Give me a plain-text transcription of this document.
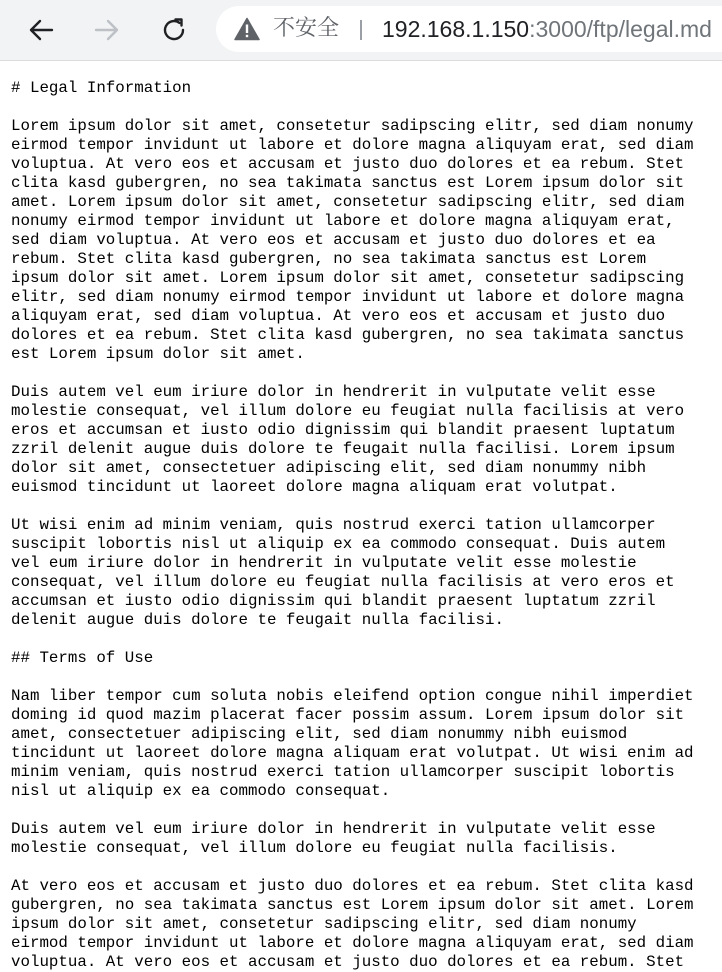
不安全 192.168.1.150:3000/ftp/legal.md
# Legal Information

Lorem ipsum dolor sit amet, consetetur sadipscing elitr, sed diam nonumy
eirmod tempor invidunt ut labore et dolore magna aliquyam erat, sed diam
voluptua. At vero eos et accusam et justo duo dolores et ea rebum. Stet
clita kasd gubergren, no sea takimata sanctus est Lorem ipsum dolor sit
amet. Lorem ipsum dolor sit amet, consetetur sadipscing elitr, sed diam
nonumy eirmod tempor invidunt ut labore et dolore magna aliquyam erat,
sed diam voluptua. At vero eos et accusam et justo duo dolores et ea
rebum. Stet clita kasd gubergren, no sea takimata sanctus est Lorem
ipsum dolor sit amet. Lorem ipsum dolor sit amet, consetetur sadipscing
elitr, sed diam nonumy eirmod tempor invidunt ut labore et dolore magna
aliquyam erat, sed diam voluptua. At vero eos et accusam et justo duo
dolores et ea rebum. Stet clita kasd gubergren, no sea takimata sanctus
est Lorem ipsum dolor sit amet.

Duis autem vel eum iriure dolor in hendrerit in vulputate velit esse
molestie consequat, vel illum dolore eu feugiat nulla facilisis at vero
eros et accumsan et iusto odio dignissim qui blandit praesent luptatum
zzril delenit augue duis dolore te feugait nulla facilisi. Lorem ipsum
dolor sit amet, consectetuer adipiscing elit, sed diam nonummy nibh
euismod tincidunt ut laoreet dolore magna aliquam erat volutpat.

Ut wisi enim ad minim veniam, quis nostrud exerci tation ullamcorper
suscipit lobortis nisl ut aliquip ex ea commodo consequat. Duis autem
vel eum iriure dolor in hendrerit in vulputate velit esse molestie
consequat, vel illum dolore eu feugiat nulla facilisis at vero eros et
accumsan et iusto odio dignissim qui blandit praesent luptatum zzril
delenit augue duis dolore te feugait nulla facilisi.

## Terms of Use

Nam liber tempor cum soluta nobis eleifend option congue nihil imperdiet
doming id quod mazim placerat facer possim assum. Lorem ipsum dolor sit
amet, consectetuer adipiscing elit, sed diam nonummy nibh euismod
tincidunt ut laoreet dolore magna aliquam erat volutpat. Ut wisi enim ad
minim veniam, quis nostrud exerci tation ullamcorper suscipit lobortis
nisl ut aliquip ex ea commodo consequat.

Duis autem vel eum iriure dolor in hendrerit in vulputate velit esse
molestie consequat, vel illum dolore eu feugiat nulla facilisis.

At vero eos et accusam et justo duo dolores et ea rebum. Stet clita kasd
gubergren, no sea takimata sanctus est Lorem ipsum dolor sit amet. Lorem
ipsum dolor sit amet, consetetur sadipscing elitr, sed diam nonumy
eirmod tempor invidunt ut labore et dolore magna aliquyam erat, sed diam
voluptua. At vero eos et accusam et justo duo dolores et ea rebum. Stet
